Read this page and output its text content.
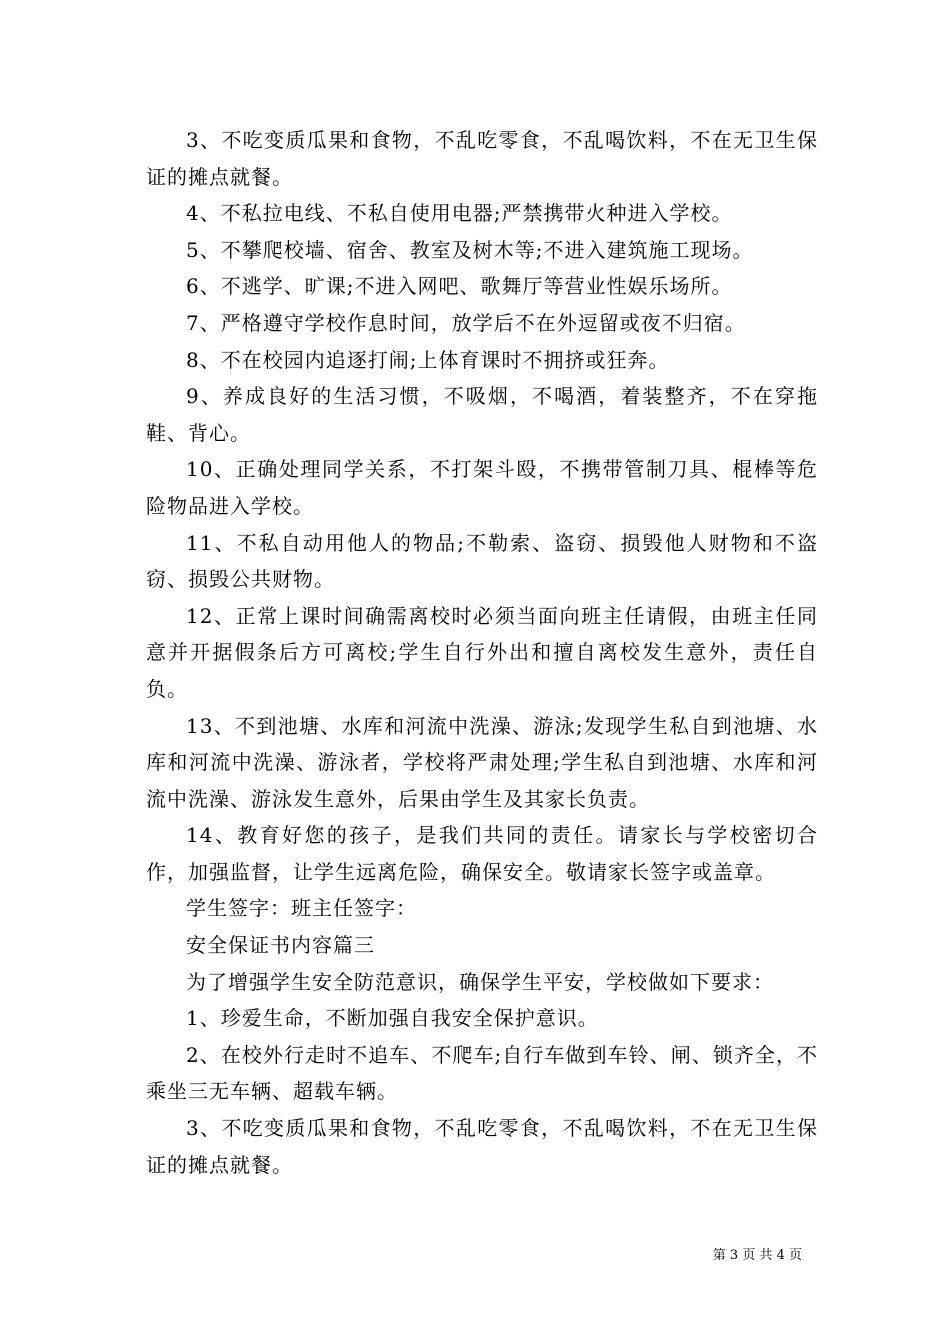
3、不吃变质瓜果和食物，不乱吃零食，不乱喝饮料，不在无卫生保证的摊点就餐。

4、不私拉电线、不私自使用电器;严禁携带火种进入学校。

5、不攀爬校墙、宿舍、教室及树木等;不进入建筑施工现场。

6、不逃学、旷课;不进入网吧、歌舞厅等营业性娱乐场所。

7、严格遵守学校作息时间，放学后不在外逗留或夜不归宿。

8、不在校园内追逐打闹;上体育课时不拥挤或狂奔。

9、养成良好的生活习惯，不吸烟，不喝酒，着装整齐，不在穿拖鞋、背心。

10、正确处理同学关系，不打架斗殴，不携带管制刀具、棍棒等危险物品进入学校。

11、不私自动用他人的物品;不勒索、盗窃、损毁他人财物和不盗窃、损毁公共财物。

12、正常上课时间确需离校时必须当面向班主任请假，由班主任同意并开据假条后方可离校;学生自行外出和擅自离校发生意外，责任自负。

13、不到池塘、水库和河流中洗澡、游泳;发现学生私自到池塘、水库和河流中洗澡、游泳者，学校将严肃处理;学生私自到池塘、水库和河流中洗澡、游泳发生意外，后果由学生及其家长负责。

14、教育好您的孩子，是我们共同的责任。请家长与学校密切合作，加强监督，让学生远离危险，确保安全。敬请家长签字或盖章。

学生签字：班主任签字：

安全保证书内容篇三

为了增强学生安全防范意识，确保学生平安，学校做如下要求：

1、珍爱生命，不断加强自我安全保护意识。

2、在校外行走时不追车、不爬车;自行车做到车铃、闸、锁齐全，不乘坐三无车辆、超载车辆。

3、不吃变质瓜果和食物，不乱吃零食，不乱喝饮料，不在无卫生保证的摊点就餐。

第 3 页 共 4 页
